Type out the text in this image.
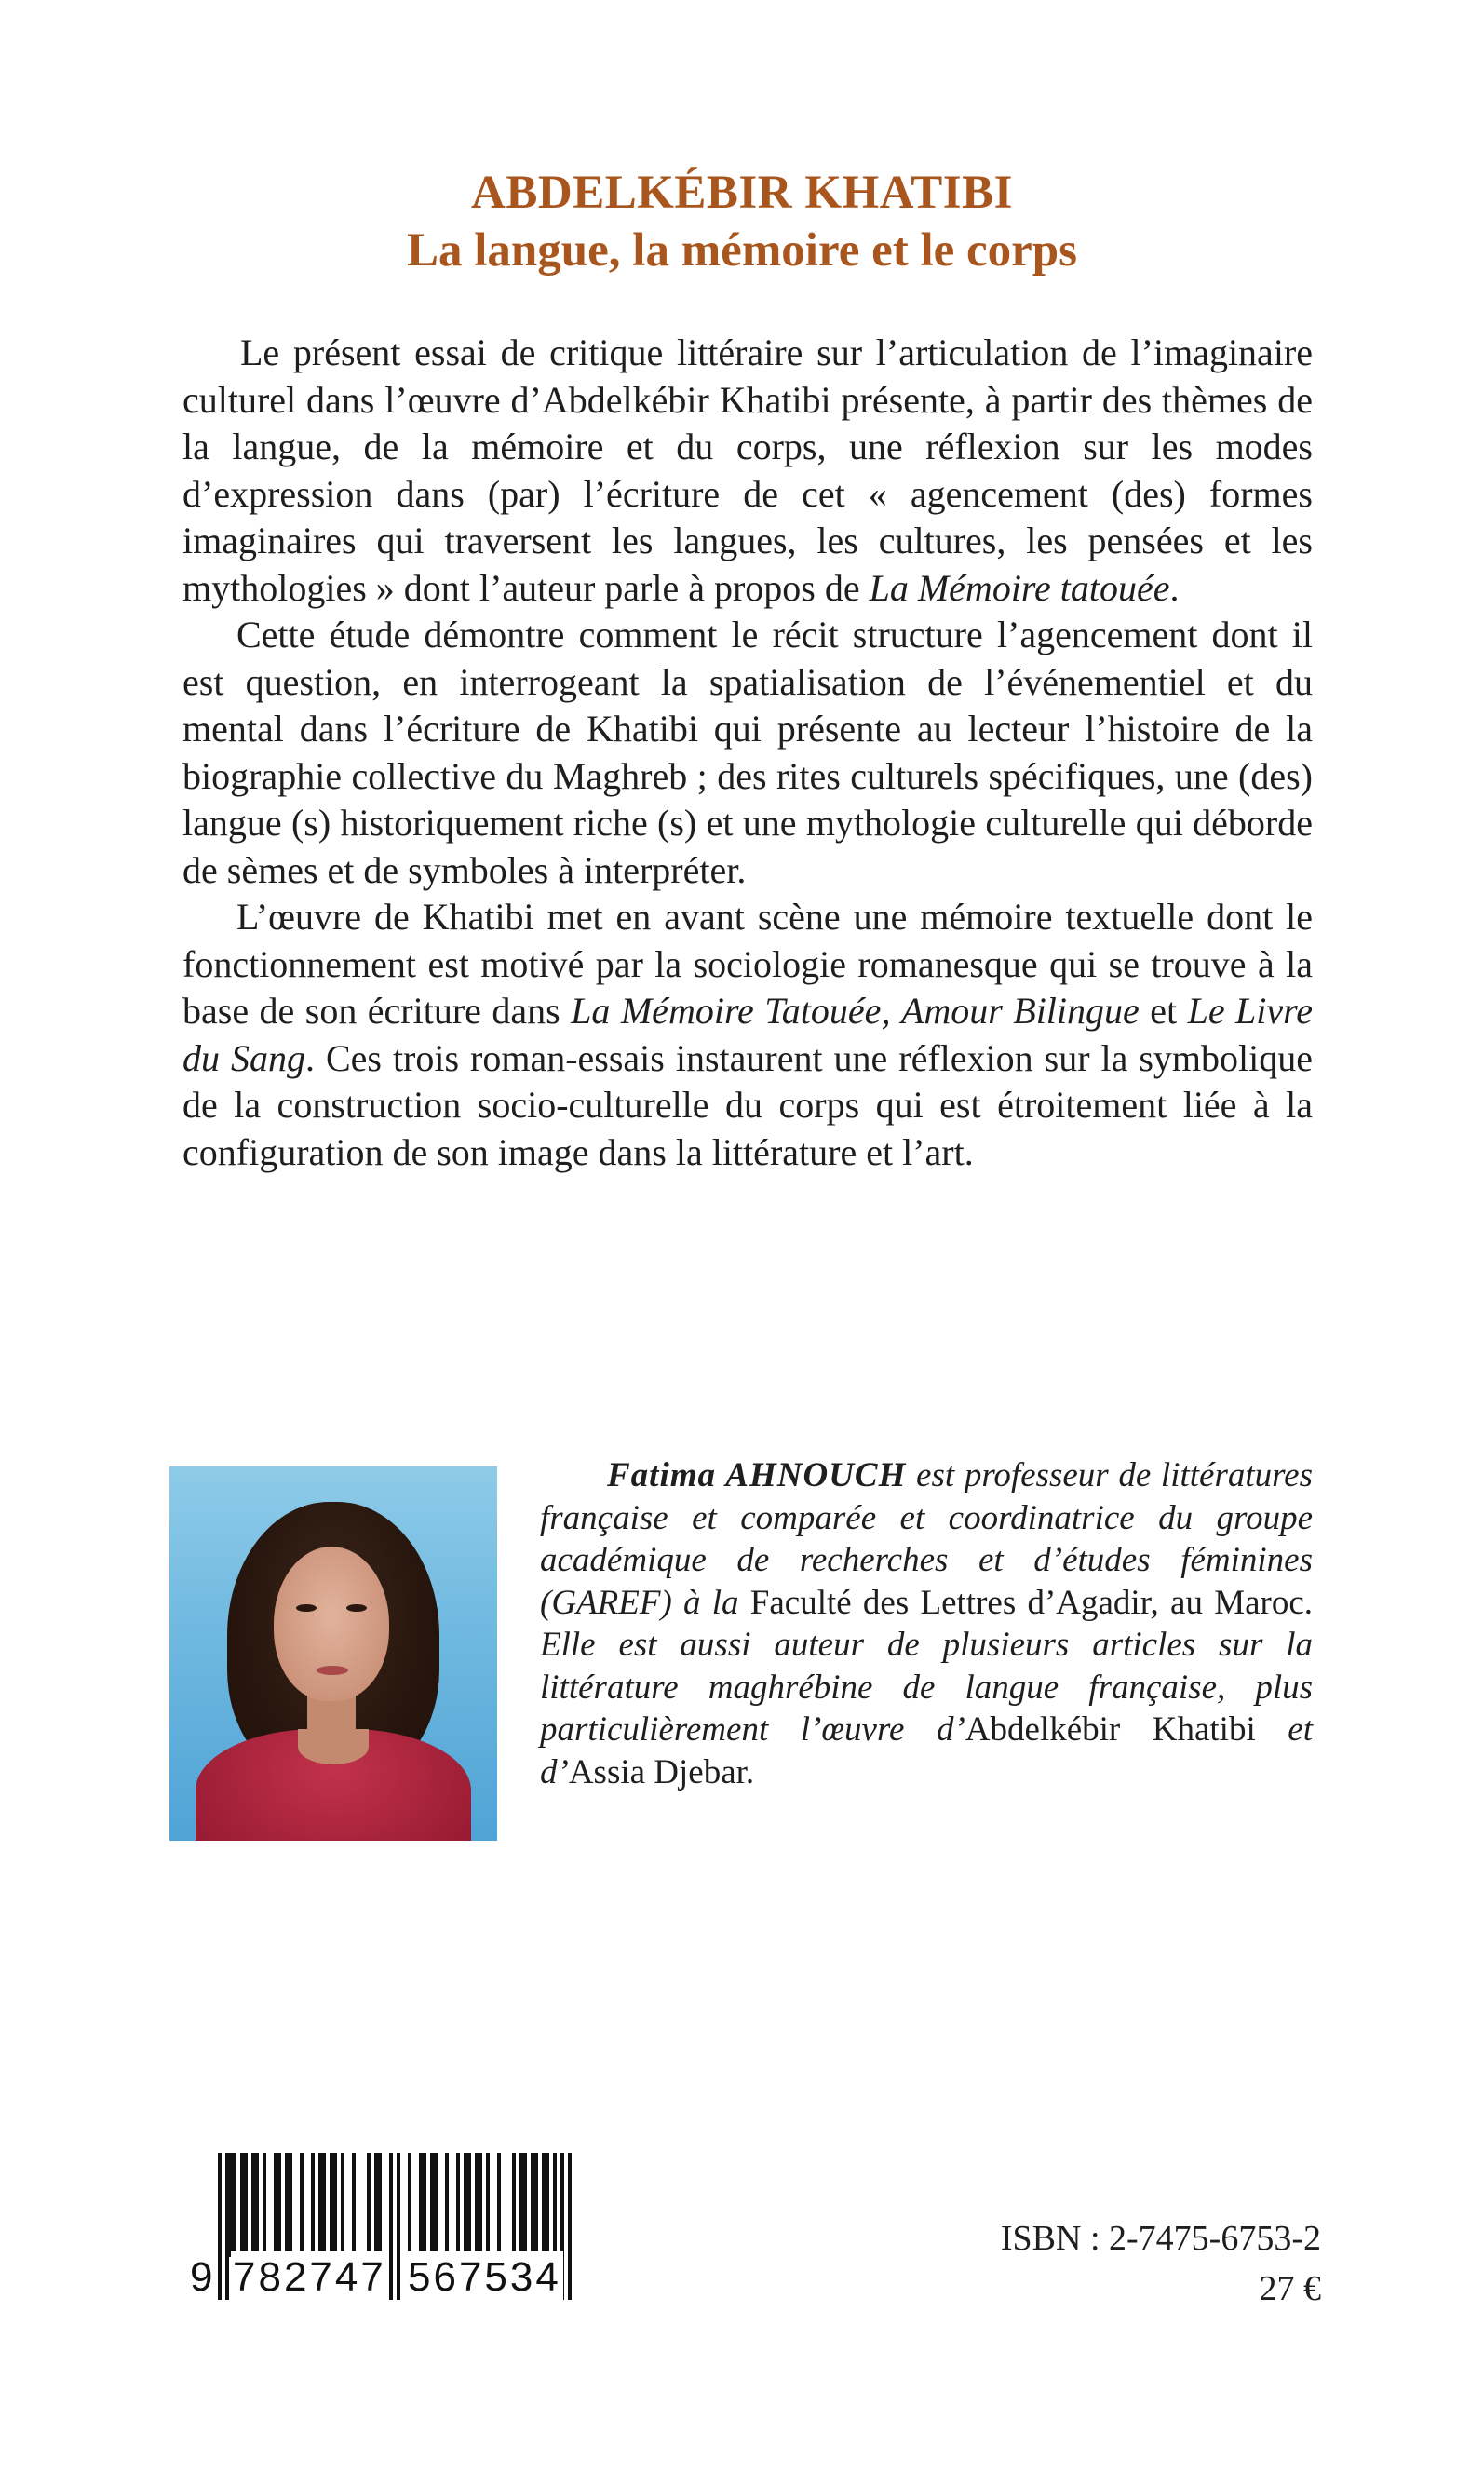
ABDELKÉBIR KHATIBI
La langue, la mémoire et le corps

Le présent essai de critique littéraire sur l’articulation de l’imaginaire culturel dans l’œuvre d’Abdelkébir Khatibi présente, à partir des thèmes de la langue, de la mémoire et du corps, une réflexion sur les modes d’expression dans (par) l’écriture de cet « agencement (des) formes imaginaires qui traversent les langues, les cultures, les pensées et les mythologies » dont l’auteur parle à propos de La Mémoire tatouée.

Cette étude démontre comment le récit structure l’agencement dont il est question, en interrogeant la spatialisation de l’événementiel et du mental dans l’écriture de Khatibi qui présente au lecteur l’histoire de la biographie collective du Maghreb ; des rites culturels spécifiques, une (des) langue (s) historiquement riche (s) et une mythologie culturelle qui déborde de sèmes et de symboles à interpréter.

L’œuvre de Khatibi met en avant scène une mémoire textuelle dont le fonctionnement est motivé par la sociologie romanesque qui se trouve à la base de son écriture dans La Mémoire Tatouée, Amour Bilingue et Le Livre du Sang. Ces trois roman-essais instaurent une réflexion sur la symbolique de la construction socio-culturelle du corps qui est étroitement liée à la configuration de son image dans la littérature et l’art.

Fatima AHNOUCH est professeur de littératures française et comparée et coordinatrice du groupe académique de recherches et d’études féminines (GAREF) à la Faculté des Lettres d’Agadir, au Maroc. Elle est aussi auteur de plusieurs articles sur la littérature maghrébine de langue française, plus particulièrement l’œuvre d’Abdelkébir Khatibi et d’Assia Djebar.

9 782747 567534
ISBN : 2-7475-6753-2
27 €
